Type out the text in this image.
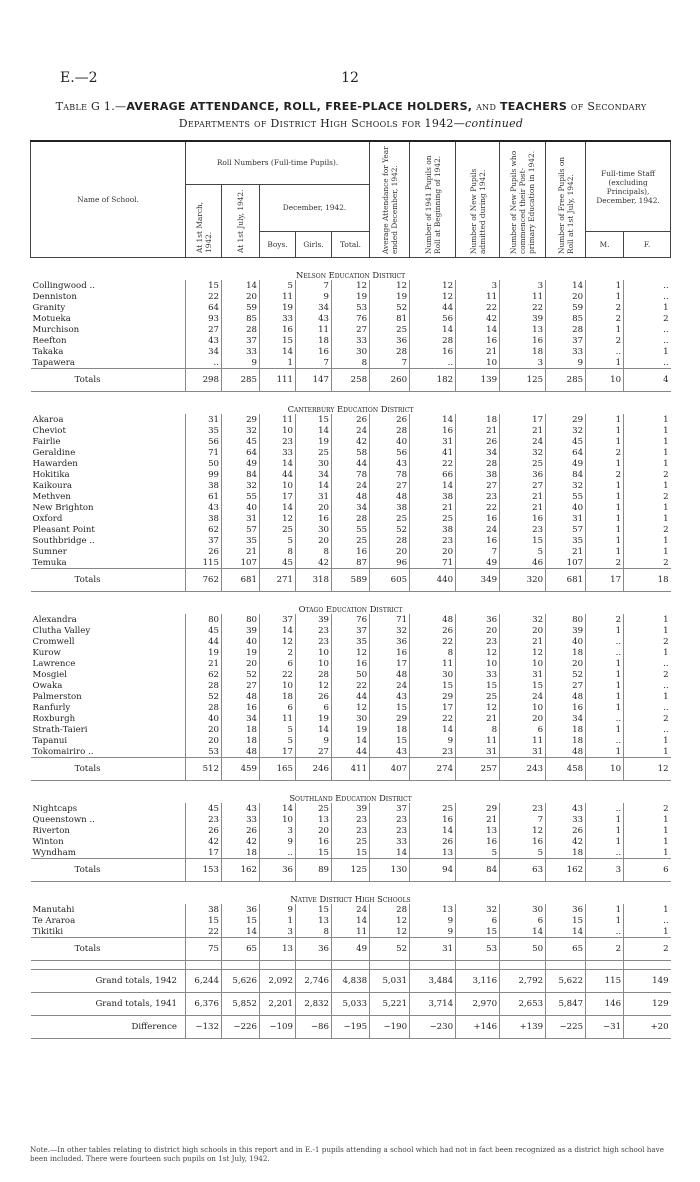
E.—2	12
Table G 1.—AVERAGE ATTENDANCE, ROLL, FREE-PLACE HOLDERS, and TEACHERS of Secondary
Departments of District High Schools for 1942—continued
Name of School.	Roll Numbers (Full-time Pupils).					Average Attendance for Year ended December, 1942.	Number of 1941 Pupils on Roll at Beginning of 1942.	Number of New Pupils admitted during 1942.	Number of New Pupils who commenced their Post-primary Education in 1942.	Number of Free Pupils on Roll at 1st July, 1942.	Full-time Staff (excluding Principals), December, 1942.	
	At 1st March, 1942.	At 1st July, 1942.	December, 1942.									
			Boys.	Girls.	Total.						M.	F.
Nelson Education District												
Collingwood ..	15	14	5	7	12	12	12	3	3	14	1	..
Denniston	22	20	11	9	19	19	12	11	11	20	1	..
Granity	64	59	19	34	53	52	44	22	22	59	2	1
Motueka	93	85	33	43	76	81	56	42	39	85	2	2
Murchison	27	28	16	11	27	25	14	14	13	28	1	..
Reefton	43	37	15	18	33	36	28	16	16	37	2	..
Takaka	34	33	14	16	30	28	16	21	18	33	..	1
Tapawera	..	9	1	7	8	7	..	10	3	9	1	..
Totals	298	285	111	147	258	260	182	139	125	285	10	4
Canterbury Education District												
Akaroa	31	29	11	15	26	26	14	18	17	29	1	1
Cheviot	35	32	10	14	24	28	16	21	21	32	1	1
Fairlie	56	45	23	19	42	40	31	26	24	45	1	1
Geraldine	71	64	33	25	58	56	41	34	32	64	2	1
Hawarden	50	49	14	30	44	43	22	28	25	49	1	1
Hokitika	99	84	44	34	78	78	66	38	36	84	2	2
Kaikoura	38	32	10	14	24	27	14	27	27	32	1	1
Methven	61	55	17	31	48	48	38	23	21	55	1	2
New Brighton	43	40	14	20	34	38	21	22	21	40	1	1
Oxford	38	31	12	16	28	25	25	16	16	31	1	1
Pleasant Point	62	57	25	30	55	52	38	24	23	57	1	2
Southbridge ..	37	35	5	20	25	28	23	16	15	35	1	1
Sumner	26	21	8	8	16	20	20	7	5	21	1	1
Temuka	115	107	45	42	87	96	71	49	46	107	2	2
Totals	762	681	271	318	589	605	440	349	320	681	17	18
Otago Education District												
Alexandra	80	80	37	39	76	71	48	36	32	80	2	1
Clutha Valley	45	39	14	23	37	32	26	20	20	39	1	1
Cromwell	44	40	12	23	35	36	22	23	21	40	..	2
Kurow	19	19	2	10	12	16	8	12	12	18	..	1
Lawrence	21	20	6	10	16	17	11	10	10	20	1	..
Mosgiel	62	52	22	28	50	48	30	33	31	52	1	2
Owaka	28	27	10	12	22	24	15	15	15	27	1	..
Palmerston	52	48	18	26	44	43	29	25	24	48	1	1
Ranfurly	28	16	6	6	12	15	17	12	10	16	1	..
Roxburgh	40	34	11	19	30	29	22	21	20	34	..	2
Strath-Taieri	20	18	5	14	19	18	14	8	6	18	1	..
Tapanui	20	18	5	9	14	15	9	11	11	18	..	1
Tokomairiro ..	53	48	17	27	44	43	23	31	31	48	1	1
Totals	512	459	165	246	411	407	274	257	243	458	10	12
Southland Education District												
Nightcaps	45	43	14	25	39	37	25	29	23	43	..	2
Queenstown ..	23	33	10	13	23	23	16	21	7	33	1	1
Riverton	26	26	3	20	23	23	14	13	12	26	1	1
Winton	42	42	9	16	25	33	26	16	16	42	1	1
Wyndham	17	18	..	15	15	14	13	5	5	18	..	1
Totals	153	162	36	89	125	130	94	84	63	162	3	6
Native District High Schools												
Manutahi	38	36	9	15	24	28	13	32	30	36	1	1
Te Araroa	15	15	1	13	14	12	9	6	6	15	1	..
Tikitiki	22	14	3	8	11	12	9	15	14	14	..	1
Totals	75	65	13	36	49	52	31	53	50	65	2	2

Grand totals, 1942	6,244	5,626	2,092	2,746	4,838	5,031	3,484	3,116	2,792	5,622	115	149
Grand totals, 1941	6,376	5,852	2,201	2,832	5,033	5,221	3,714	2,970	2,653	5,847	146	129
Difference	−132	−226	−109	−86	−195	−190	−230	+146	+139	−225	−31	+20
Note.—In other tables relating to district high schools in this report and in E.-1 pupils attending a school which had not in fact been recognized as a district high school have been included. There were fourteen such pupils on 1st July, 1942.
